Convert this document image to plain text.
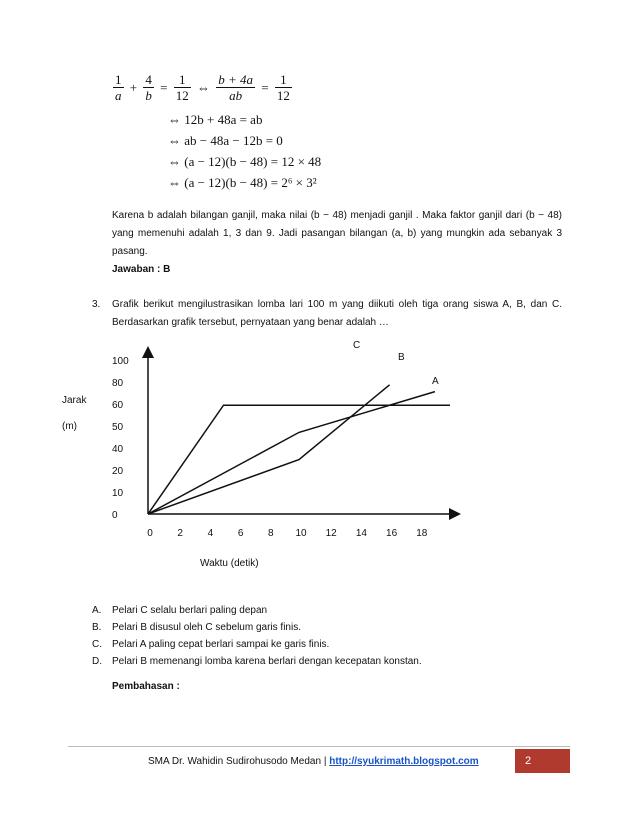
$\frac{1}{a} + \frac{4}{b} = \frac{1}{12}$ ⇔ $\frac{b + 4a}{ab} = \frac{1}{12}$
⇔ 12b + 48a = ab
⇔ ab − 48a − 12b = 0
⇔ (a − 12)(b − 48) = 12 × 48
⇔ (a − 12)(b − 48) = 2⁶ × 3²
Karena b adalah bilangan ganjil, maka nilai (b − 48) menjadi ganjil . Maka faktor ganjil dari (b − 48) yang memenuhi adalah 1, 3 dan 9. Jadi pasangan bilangan (a, b) yang mungkin ada sebanyak 3 pasang.
Jawaban : B
3. Grafik berikut mengilustrasikan lomba lari 100 m yang diikuti oleh tiga orang siswa A, B, dan C. Berdasarkan grafik tersebut, pernyataan yang benar adalah …
A
B
C
0 2 4 6 8 10 12 14 16 18
0
10
20
40
50
60
80
100
Jarak
(m)
Waktu (detik)
A.	Pelari C selalu berlari paling depan
B.	Pelari B disusul oleh C sebelum garis finis.
C.	Pelari A paling cepat berlari sampai ke garis finis.
D.	Pelari B memenangi lomba karena berlari dengan kecepatan konstan.
Pembahasan :
SMA Dr. Wahidin Sudirohusodo Medan | http://syukrimath.blogspot.com	2
